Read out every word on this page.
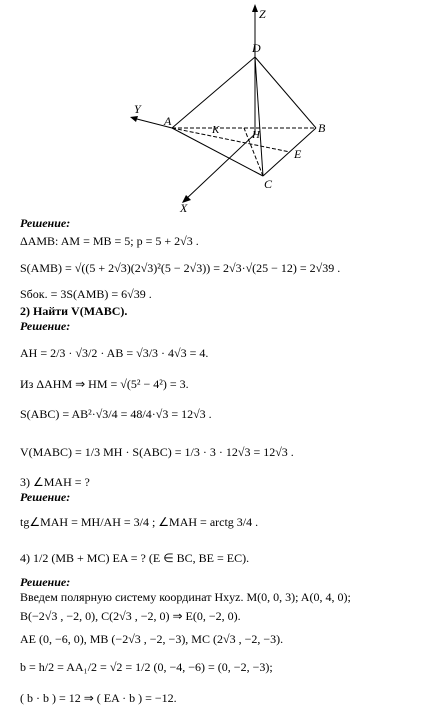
Z
Y
X
D
A	B
C
K	H
E
Решение:
ΔAMB: AM = MB = 5; p = 5 + 2√3 .
S(AMB) = √((5 + 2√3)(2√3)²(5 − 2√3)) = 2√3·√(25 − 12) = 2√39 .
Sбок. = 3S(AMB) = 6√39 .
2) Найти V(MABC).
Решение:
AH = 2/3 · √3/2 · AB = √3/3 · 4√3 = 4.
Из ΔAHM ⇒ HM = √(5² − 4²) = 3.
S(ABC) = AB²·√3/4 = 48/4·√3 = 12√3 .
V(MABC) = 1/3 MH · S(ABC) = 1/3 · 3 · 12√3 = 12√3 .
3) ∠MAH = ?
Решение:
tg∠MAH = MH/AH = 3/4 ; ∠MAH = arctg 3/4 .
4) 1/2 (MB + MC) EA = ? (E ∈ BC, BE = EC).
Решение:
Введем полярную систему координат Hxyz. M(0, 0, 3); A(0, 4, 0);
B(−2√3 , −2, 0), C(2√3 , −2, 0) ⇒ E(0, −2, 0).
AE (0, −6, 0), MB (−2√3 , −2, −3), MC (2√3 , −2, −3).
b = h/2 = AA₁/2 = √2 = 1/2 (0, −4, −6) = (0, −2, −3);
( b · b ) = 12 ⇒ ( EA · b ) = −12.
